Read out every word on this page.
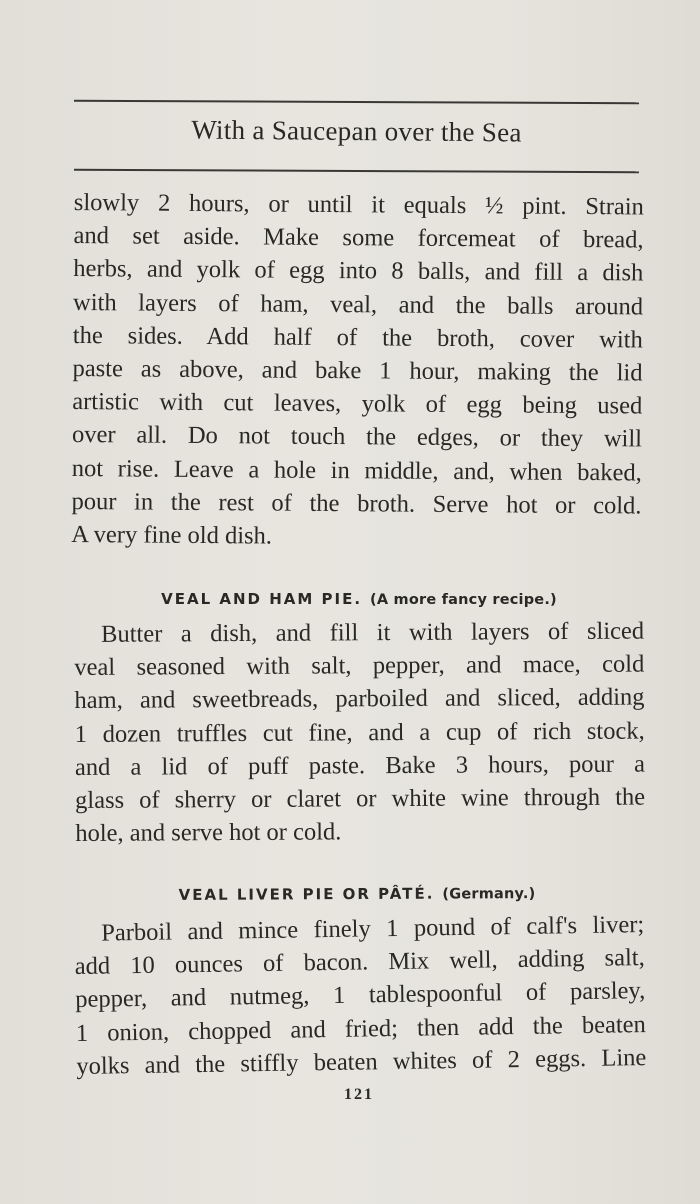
With a Saucepan over the Sea
slowly 2 hours, or until it equals ½ pint. Strain
and set aside. Make some forcemeat of bread,
herbs, and yolk of egg into 8 balls, and fill a dish
with layers of ham, veal, and the balls around
the sides. Add half of the broth, cover with
paste as above, and bake 1 hour, making the lid
artistic with cut leaves, yolk of egg being used
over all. Do not touch the edges, or they will
not rise. Leave a hole in middle, and, when baked,
pour in the rest of the broth. Serve hot or cold.
A very fine old dish.
VEAL AND HAM PIE. (A more fancy recipe.)
Butter a dish, and fill it with layers of sliced
veal seasoned with salt, pepper, and mace, cold
ham, and sweetbreads, parboiled and sliced, adding
1 dozen truffles cut fine, and a cup of rich stock,
and a lid of puff paste. Bake 3 hours, pour a
glass of sherry or claret or white wine through the
hole, and serve hot or cold.
VEAL LIVER PIE OR PÂTÉ. (Germany.)
Parboil and mince finely 1 pound of calf's liver;
add 10 ounces of bacon. Mix well, adding salt,
pepper, and nutmeg, 1 tablespoonful of parsley,
1 onion, chopped and fried; then add the beaten
yolks and the stiffly beaten whites of 2 eggs. Line
121
